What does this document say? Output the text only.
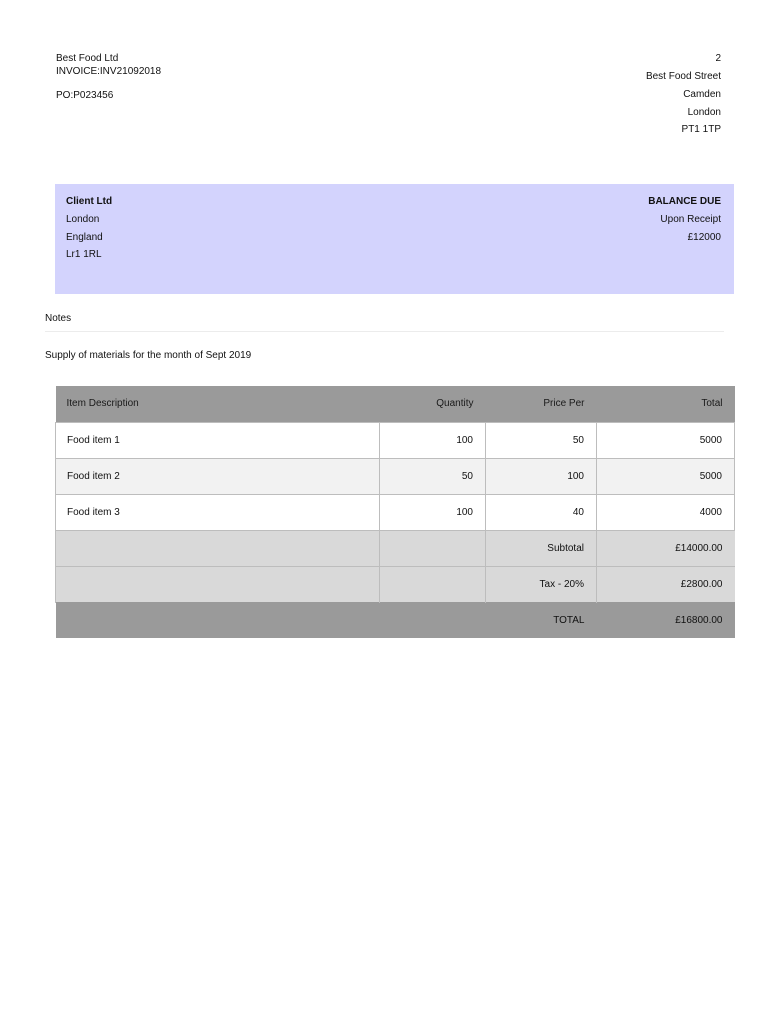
Best Food Ltd
INVOICE:INV21092018
PO:P023456
2
Best Food Street
Camden
London
PT1 1TP
Client Ltd
London
England
Lr1 1RL
BALANCE DUE
Upon Receipt
£12000
Notes
Supply of materials for the month of Sept 2019
Item Description	Quantity	Price Per	Total
Food item 1	100	50	5000
Food item 2	50	100	5000
Food item 3	100	40	4000
		Subtotal	£14000.00
		Tax - 20%	£2800.00
		TOTAL	£16800.00
